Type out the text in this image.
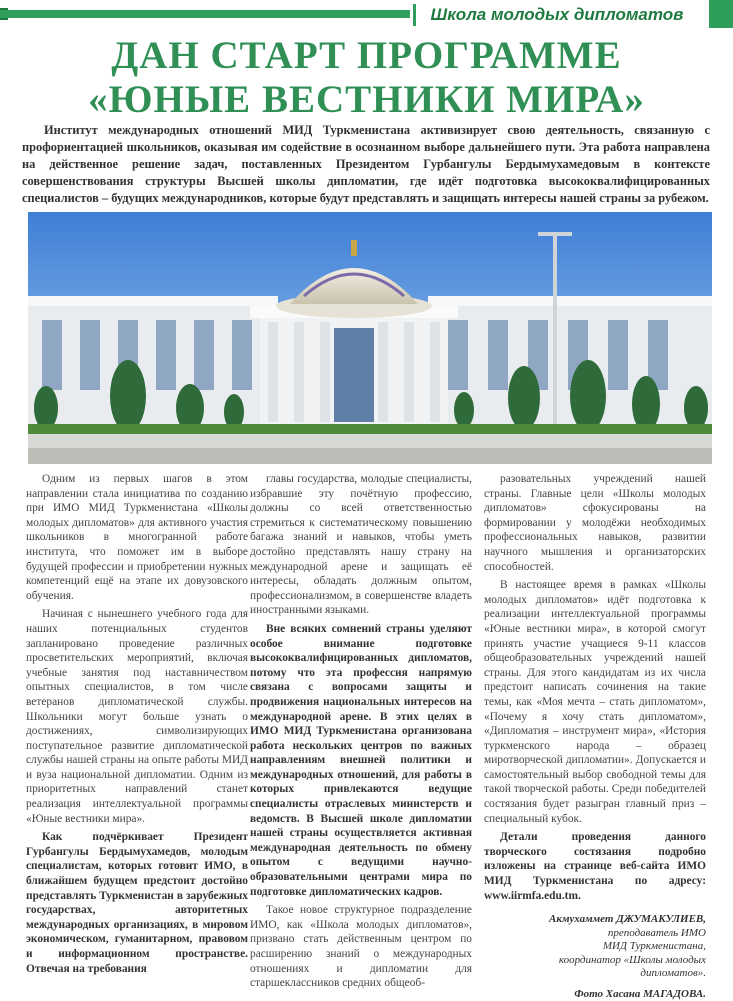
Школа молодых дипломатов
ДАН СТАРТ ПРОГРАММЕ
«ЮНЫЕ ВЕСТНИКИ МИРА»
Институт международных отношений МИД Туркменистана активизирует свою деятельность, связанную с профориентацией школьников, оказывая им содействие в осознанном выборе дальнейшего пути. Эта работа направлена на действенное решение задач, поставленных Президентом Гурбангулы Бердымухамедовым в контексте совершенствования структуры Высшей школы дипломатии, где идёт подготовка высококвалифицированных специалистов – будущих международников, которые будут представлять и защищать интересы нашей страны за рубежом.

Одним из первых шагов в этом направлении стала инициатива по созданию при ИМО МИД Туркменистана «Школы молодых дипломатов» для активного участия школьников в многогранной работе института, что поможет им в выборе будущей профессии и приобретении нужных компетенций ещё на этапе их довузовского обучения.

Начиная с нынешнего учебного года для наших потенциальных студентов запланировано проведение различных просветительских мероприятий, включая учебные занятия под наставничеством опытных специалистов, в том числе ветеранов дипломатической службы. Школьники могут больше узнать о достижениях, символизирующих поступательное развитие дипломатической службы нашей страны на опыте работы МИД и вуза национальной дипломатии. Одним из приоритетных направлений станет реализация интеллектуальной программы «Юные вестники мира».

Как подчёркивает Президент Гурбангулы Бердымухамедов, молодым специалистам, которых готовит ИМО, в ближайшем будущем предстоит достойно представлять Туркменистан в зарубежных государствах, авторитетных международных организациях, в мировом экономическом, гуманитарном, правовом и информационном пространстве. Отвечая на требования

главы государства, молодые специалисты, избравшие эту почётную профессию, должны со всей ответственностью стремиться к систематическому повышению багажа знаний и навыков, чтобы уметь достойно представлять нашу страну на международной арене и защищать её интересы, обладать должным опытом, профессионализмом, в совершенстве владеть иностранными языками.

Вне всяких сомнений страны уделяют особое внимание подготовке высококвалифицированных дипломатов, потому что эта профессия напрямую связана с вопросами защиты и продвижения национальных интересов на международной арене. В этих целях в ИМО МИД Туркменистана организована работа нескольких центров по важных направлениям внешней политики и международных отношений, для работы в которых привлекаются ведущие специалисты отраслевых министерств и ведомств. В Высшей школе дипломатии нашей страны осуществляется активная международная деятельность по обмену опытом с ведущими научно-образовательными центрами мира по подготовке дипломатических кадров.

Такое новое структурное подразделение ИМО, как «Школа молодых дипломатов», призвано стать действенным центром по расширению знаний о международных отношениях и дипломатии для старшеклассников средних общеоб-

разовательных учреждений нашей страны. Главные цели «Школы молодых дипломатов» сфокусированы на формировании у молодёжи необходимых профессиональных навыков, развитии научного мышления и организаторских способностей.

В настоящее время в рамках «Школы молодых дипломатов» идёт подготовка к реализации интеллектуальной программы «Юные вестники мира», в которой смогут принять участие учащиеся 9-11 классов общеобразовательных учреждений нашей страны. Для этого кандидатам из их числа предстоит написать сочинения на такие темы, как «Моя мечта – стать дипломатом», «Почему я хочу стать дипломатом», «Дипломатия – инструмент мира», «История туркменского народа – образец миротворческой дипломатии». Допускается и самостоятельный выбор свободной темы для такой творческой работы. Среди победителей состязания будет разыгран главный приз – специальный кубок.

Детали проведения данного творческого состязания подробно изложены на странице веб-сайта ИМО МИД Туркменистана по адресу: www.iirmfa.edu.tm.

Акмухаммет ДЖУМАКУЛИЕВ,
преподаватель ИМО
МИД Туркменистана,
координатор «Школы молодых
дипломатов».
Фото Хасана МАГАДОВА.
